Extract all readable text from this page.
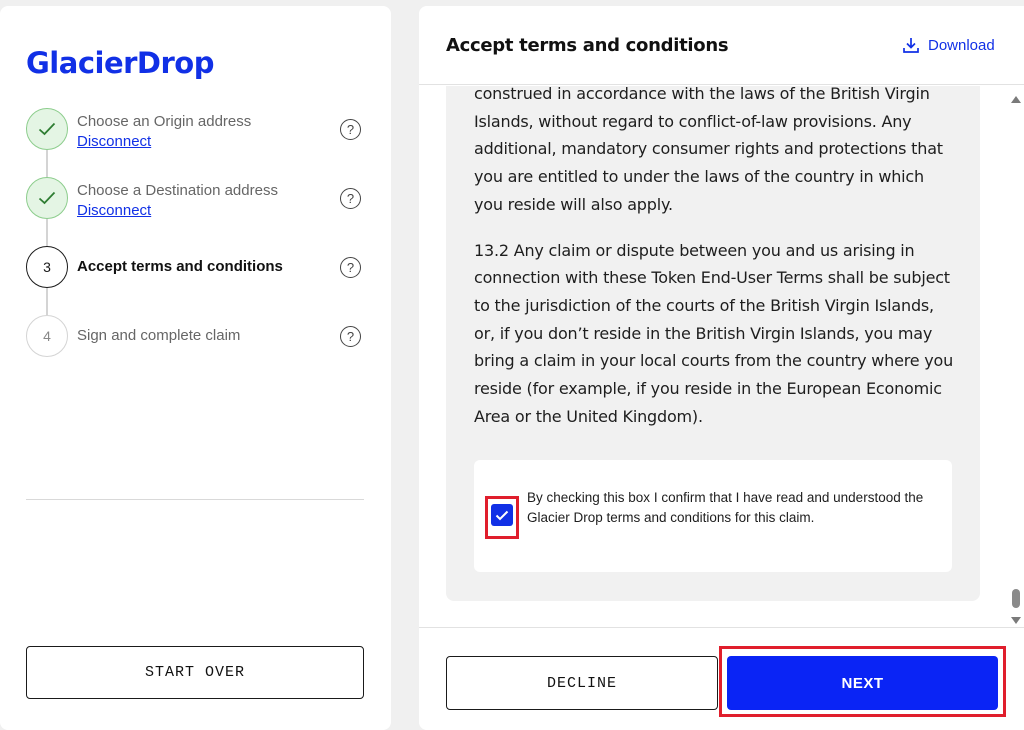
GlacierDrop
Choose an Origin address
Disconnect
?
Choose a Destination address
Disconnect
?
3	Accept terms and conditions	?
4	Sign and complete claim	?
START OVER
Accept terms and conditions	Download

construed in accordance with the laws of the British Virgin Islands, without regard to conflict-of-law provisions. Any additional, mandatory consumer rights and protections that you are entitled to under the laws of the country in which you reside will also apply.

13.2 Any claim or dispute between you and us arising in connection with these Token End-User Terms shall be subject to the jurisdiction of the courts of the British Virgin Islands, or, if you don’t reside in the British Virgin Islands, you may bring a claim in your local courts from the country where you reside (for example, if you reside in the European Economic Area or the United Kingdom).

By checking this box I confirm that I have read and understood the Glacier Drop terms and conditions for this claim.
DECLINE	NEXT
